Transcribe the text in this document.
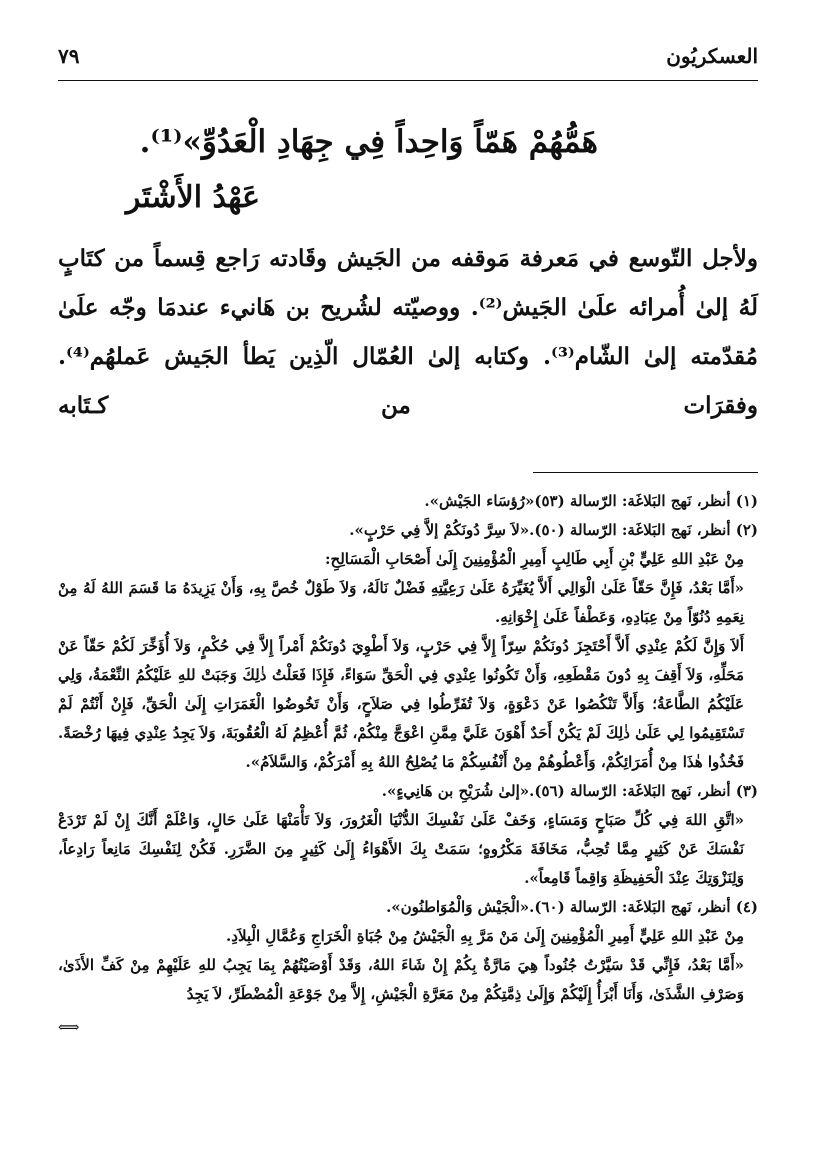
العسكريُون
٧٩
هَمُّهُمْ هَمّاً وَاحِداً فِي جِهَادِ الْعَدُوِّ»⁽¹⁾.
عَهْدُ الأَشْتَر
ولأجل التّوسع في مَعرفة مَوقفه من الجَيش وقَادته رَاجع قِسماً من كتَابٍ لَهُ إلىٰ أُمرائه علَىٰ الجَيش⁽²⁾. ووصيّته لشُريح بن هَانيء عندمَا وجّه علَىٰ مُقدّمته إلىٰ الشّام⁽³⁾. وكتابه إلىٰ العُمّال الّذِين يَطأ الجَيش عَملهُم⁽⁴⁾. وفقرَات من كـتَابه

(١) أنظر، نَهج البَلاغَة: الرّسالة (٥٣)«رُؤسَاء الجَيْش».

(٢) أنظر، نَهج البَلاغَة: الرّسالة (٥٠).«لاَ سِرَّ دُونَكُمْ إلاَّ فِي حَرْبٍ».

مِنْ عَبْدِ اللهِ عَلِيٍّ بْنِ أَبِي طَالِبٍ أَمِيرِ الْمُؤْمِنِينَ إِلَىٰ أَصْحَابِ الْمَسَالِحِ:

«أَمَّا بَعْدُ، فَإِنَّ حَقّاً عَلَىٰ الْوَالِي أَلاَّ يُغَيِّرَهُ عَلَىٰ رَعِيَّتِهِ فَضْلٌ نَالَهُ، وَلاَ طَوْلٌ خُصَّ بِهِ، وَأَنْ يَزِيدَهُ مَا قَسَمَ اللهُ لَهُ مِنْ نِعَمِهِ دُنُوّاً مِنْ عِبَادِهِ، وَعَطْفاً عَلَىٰ إِخْوَانِهِ.

أَلاَ وَإِنَّ لَكُمْ عِنْدِي أَلاَّ أَحْتَجِزَ دُونَكُمْ سِرّاً إِلاَّ فِي حَرْبٍ، وَلاَ أَطْوِيَ دُونَكُمْ أَمْراً إِلاَّ فِي حُكْمٍ، وَلاَ أُؤَخِّرَ لَكُمْ حَقّاً عَنْ مَحَلِّهِ، وَلاَ أَقِفَ بِهِ دُونَ مَقْطَعِهِ، وَأَنْ تَكُونُوا عِنْدِي فِي الْحَقِّ سَوَاءً، فَإِذَا فَعَلْتُ ذٰلِكَ وَجَبَتْ للهِ عَلَيْكُمُ النِّعْمَةُ، وَلِي عَلَيْكُمُ الطَّاعَةُ؛ وَأَلاَّ تَنْكُصُوا عَنْ دَعْوَةٍ، وَلاَ تُفَرِّطُوا فِي صَلاَحٍ، وَأَنْ تَخُوضُوا الْغَمَرَاتِ إِلَىٰ الْحَقِّ، فَإِنْ أَنْتُمْ لَمْ تَسْتَقِيمُوا لِي عَلَىٰ ذٰلِكَ لَمْ يَكُنْ أَحَدٌ أَهْوَنَ عَلَيَّ مِمَّنِ اعْوَجَّ مِنْكُمْ، ثُمَّ أُعْظِمُ لَهُ الْعُقُوبَةَ، وَلاَ يَجِدُ عِنْدِي فِيهَا رُخْصَةً. فَخُذُوا هٰذَا مِنْ أُمَرَائِكُمْ، وَأَعْطُوهُمْ مِنْ أَنْفُسِكُمْ مَا يُصْلِحُ اللهُ بِهِ أَمْرَكُمْ، وَالسَّلاَمُ».

(٣) أنظر، نَهج البَلاغَة: الرّسالة (٥٦).«إلىٰ شُرَيْحِ بن هَانِيءٍ».

«اتَّقِ اللهَ فِي كُلِّ صَبَاحٍ وَمَسَاءٍ، وَخَفْ عَلَىٰ نَفْسِكَ الدُّنْيَا الْغَرُورَ، وَلاَ تَأْمَنْهَا عَلَىٰ حَالٍ، وَاعْلَمْ أَنَّكَ إِنْ لَمْ تَرْدَعْ نَفْسَكَ عَنْ كَثِيرٍ مِمَّا تُحِبُّ، مَخَافَةَ مَكْرُوهٍ؛ سَمَتْ بِكَ الأَهْوَاءُ إِلَىٰ كَثِيرٍ مِنَ الضَّرَرِ. فَكُنْ لِنَفْسِكَ مَانِعاً رَادِعاً، وَلِنَزْوَتِكَ عِنْدَ الْحَفِيظَةِ وَاقِماً قَامِعاً».

(٤) أنظر، نَهج البَلاغَة: الرّسالة (٦٠).«الْجَيْش وَالْمُوَاطنُون».

مِنْ عَبْدِ اللهِ عَلِيٍّ أَمِيرِ الْمُؤْمِنِينَ إِلَىٰ مَنْ مَرَّ بِهِ الْجَيْشُ مِنْ جُبَاةِ الْخَرَاجِ وَعُمَّالِ الْبِلاَدِ.

«أَمَّا بَعْدُ، فَإِنِّي قَدْ سَيَّرْتُ جُنُوداً هِيَ مَارَّةٌ بِكُمْ إِنْ شَاءَ اللهُ، وَقَدْ أَوْصَيْتُهُمْ بِمَا يَجِبُ للهِ عَلَيْهِمْ مِنْ كَفِّ الأَذَىٰ، وَصَرْفِ الشَّذَىٰ، وَأَنَا أَبْرَأُ إِلَيْكُمْ وَإِلَىٰ ذِمَّتِكُمْ مِنْ مَعَرَّةِ الْجَيْشِ، إِلاَّ مِنْ جَوْعَةِ الْمُضْطَرِّ، لاَ يَجِدُ

⟺
